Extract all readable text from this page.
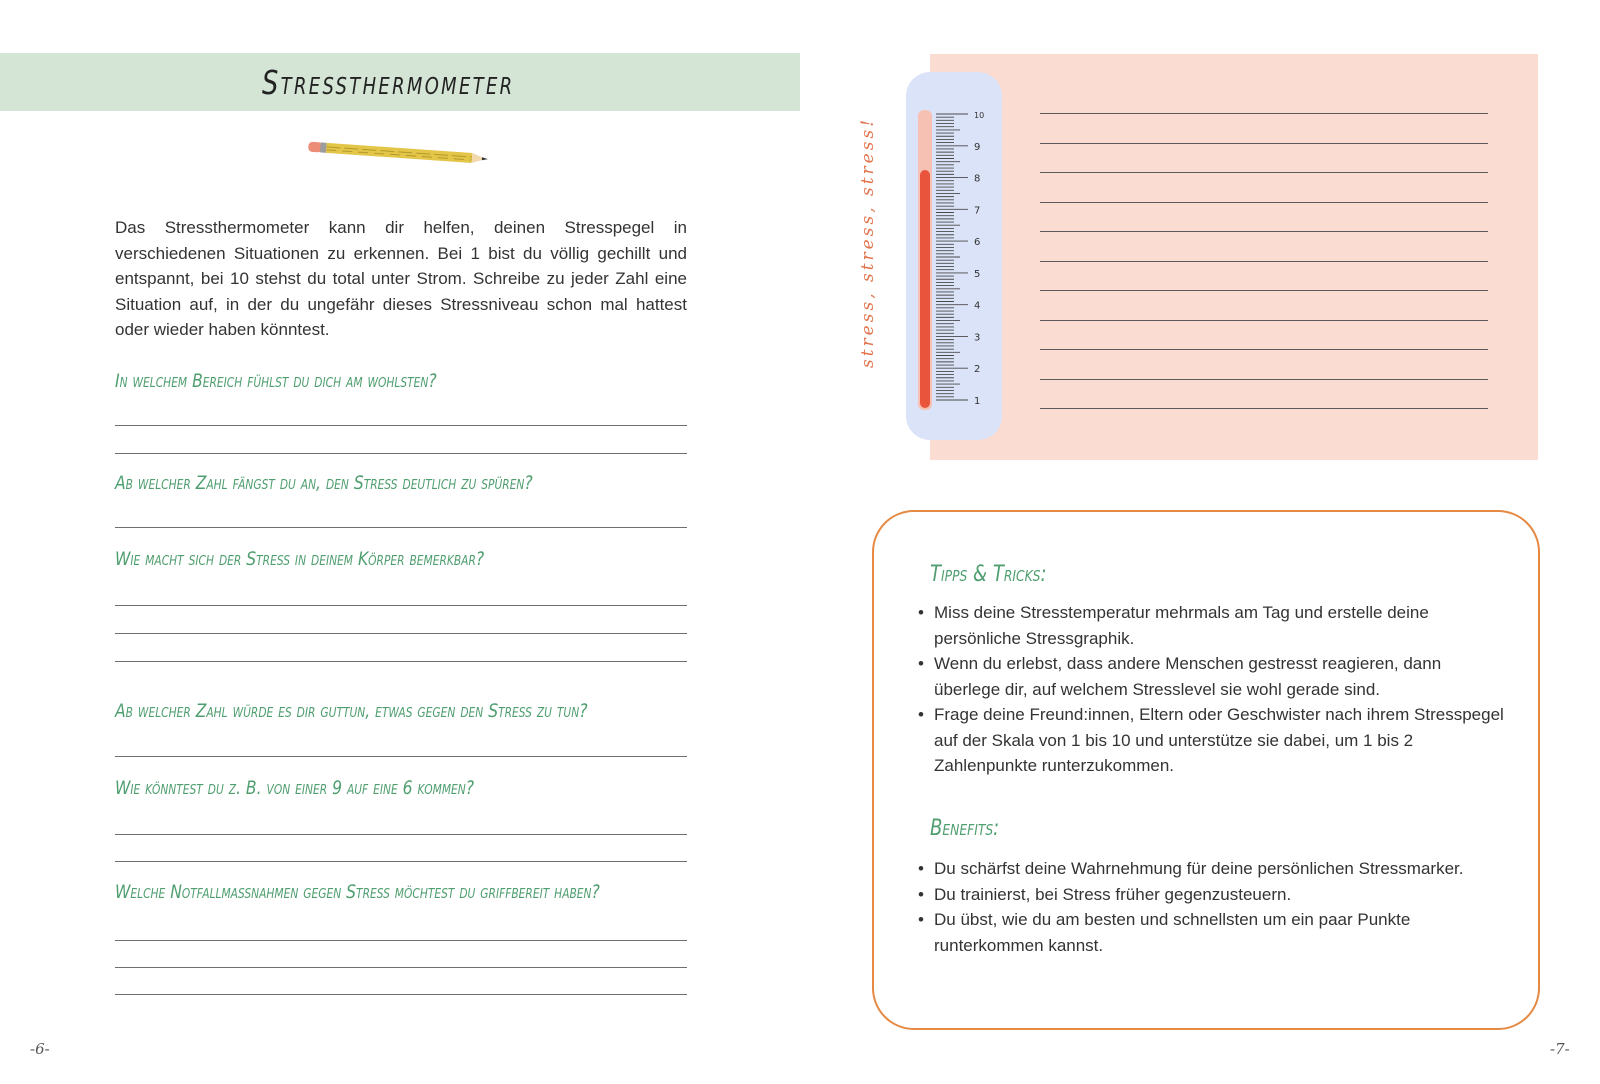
Stressthermometer
Das Stressthermometer kann dir helfen, deinen Stresspegel in verschiedenen Situationen zu erkennen. Bei 1 bist du völlig gechillt und entspannt, bei 10 stehst du total unter Strom. Schreibe zu jeder Zahl eine Situation auf, in der du ungefähr dieses Stressniveau schon mal hattest oder wieder haben könntest.
In welchem Bereich fühlst du dich am wohlsten?
Ab welcher Zahl fängst du an, den Stress deutlich zu spüren?
Wie macht sich der Stress in deinem Körper bemerkbar?
Ab welcher Zahl würde es dir guttun, etwas gegen den Stress zu tun?
Wie könntest du z. B. von einer 9 auf eine 6 kommen?
Welche Notfallmaßnahmen gegen Stress möchtest du griffbereit haben?
-6-
stress, stress, stress!
10
9
8
7
6
5
4
3
2
1
Tipps & Tricks:
• Miss deine Stresstemperatur mehrmals am Tag und erstelle deine persönliche Stressgraphik.
• Wenn du erlebst, dass andere Menschen gestresst reagieren, dann überlege dir, auf welchem Stresslevel sie wohl gerade sind.
• Frage deine Freund:innen, Eltern oder Geschwister nach ihrem Stresspegel auf der Skala von 1 bis 10 und unterstütze sie dabei, um 1 bis 2 Zahlenpunkte runterzukommen.
Benefits:
• Du schärfst deine Wahrnehmung für deine persönlichen Stressmarker.
• Du trainierst, bei Stress früher gegenzusteuern.
• Du übst, wie du am besten und schnellsten um ein paar Punkte runterkommen kannst.
-7-
